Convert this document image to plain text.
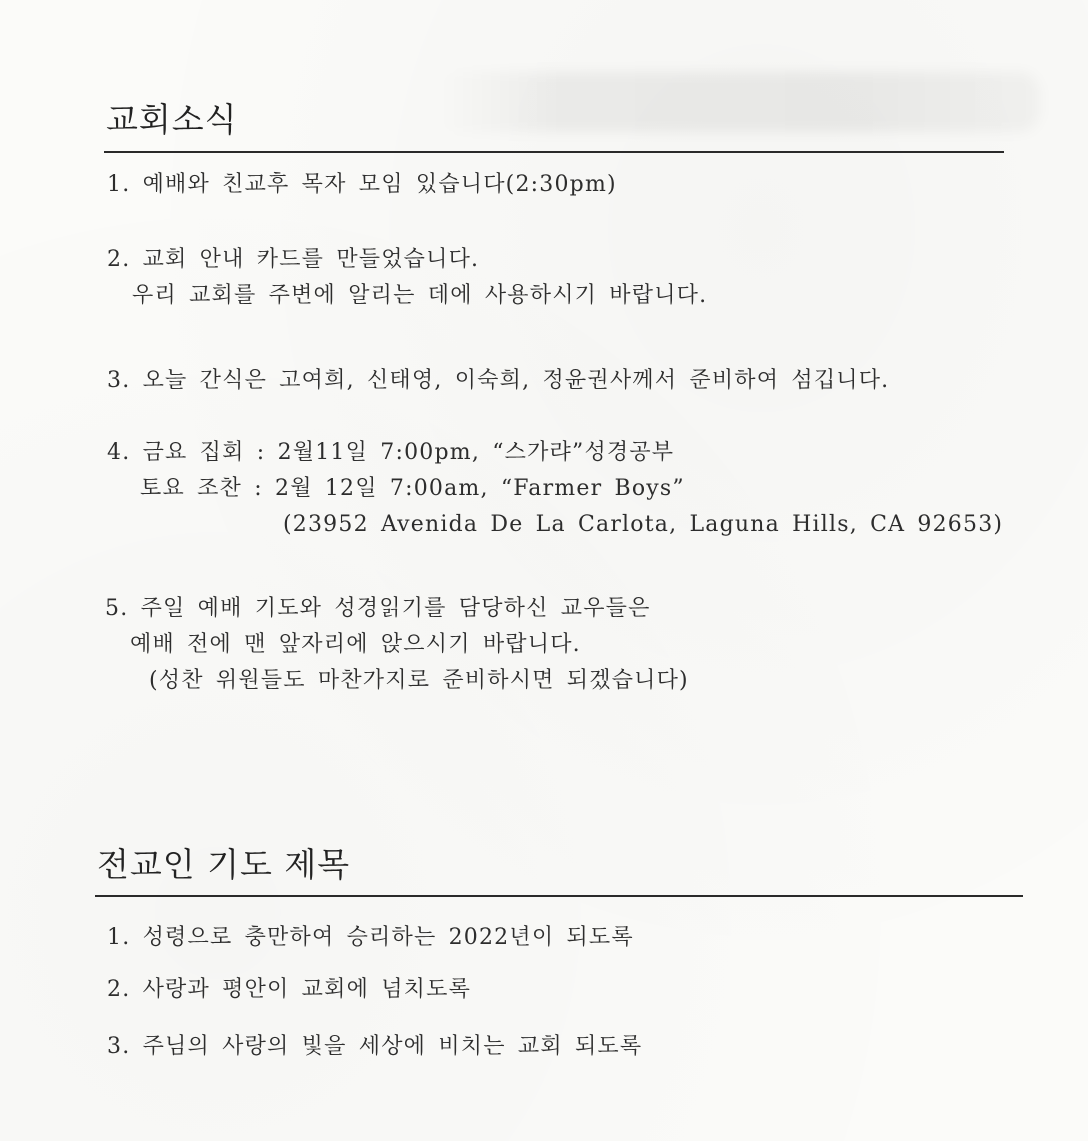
교회소식
1. 예배와 친교후 목자 모임 있습니다(2:30pm)
2. 교회 안내 카드를 만들었습니다.
우리 교회를 주변에 알리는 데에 사용하시기 바랍니다.
3. 오늘 간식은 고여희, 신태영, 이숙희, 정윤권사께서 준비하여 섬깁니다.
4. 금요 집회 : 2월11일 7:00pm, “스가랴”성경공부
토요 조찬 : 2월 12일 7:00am, “Farmer Boys”
(23952 Avenida De La Carlota, Laguna Hills, CA 92653)
5. 주일 예배 기도와 성경읽기를 담당하신 교우들은
예배 전에 맨 앞자리에 앉으시기 바랍니다.
(성찬 위원들도 마찬가지로 준비하시면 되겠습니다)
전교인 기도 제목
1. 성령으로 충만하여 승리하는 2022년이 되도록
2. 사랑과 평안이 교회에 넘치도록
3. 주님의 사랑의 빛을 세상에 비치는 교회 되도록
